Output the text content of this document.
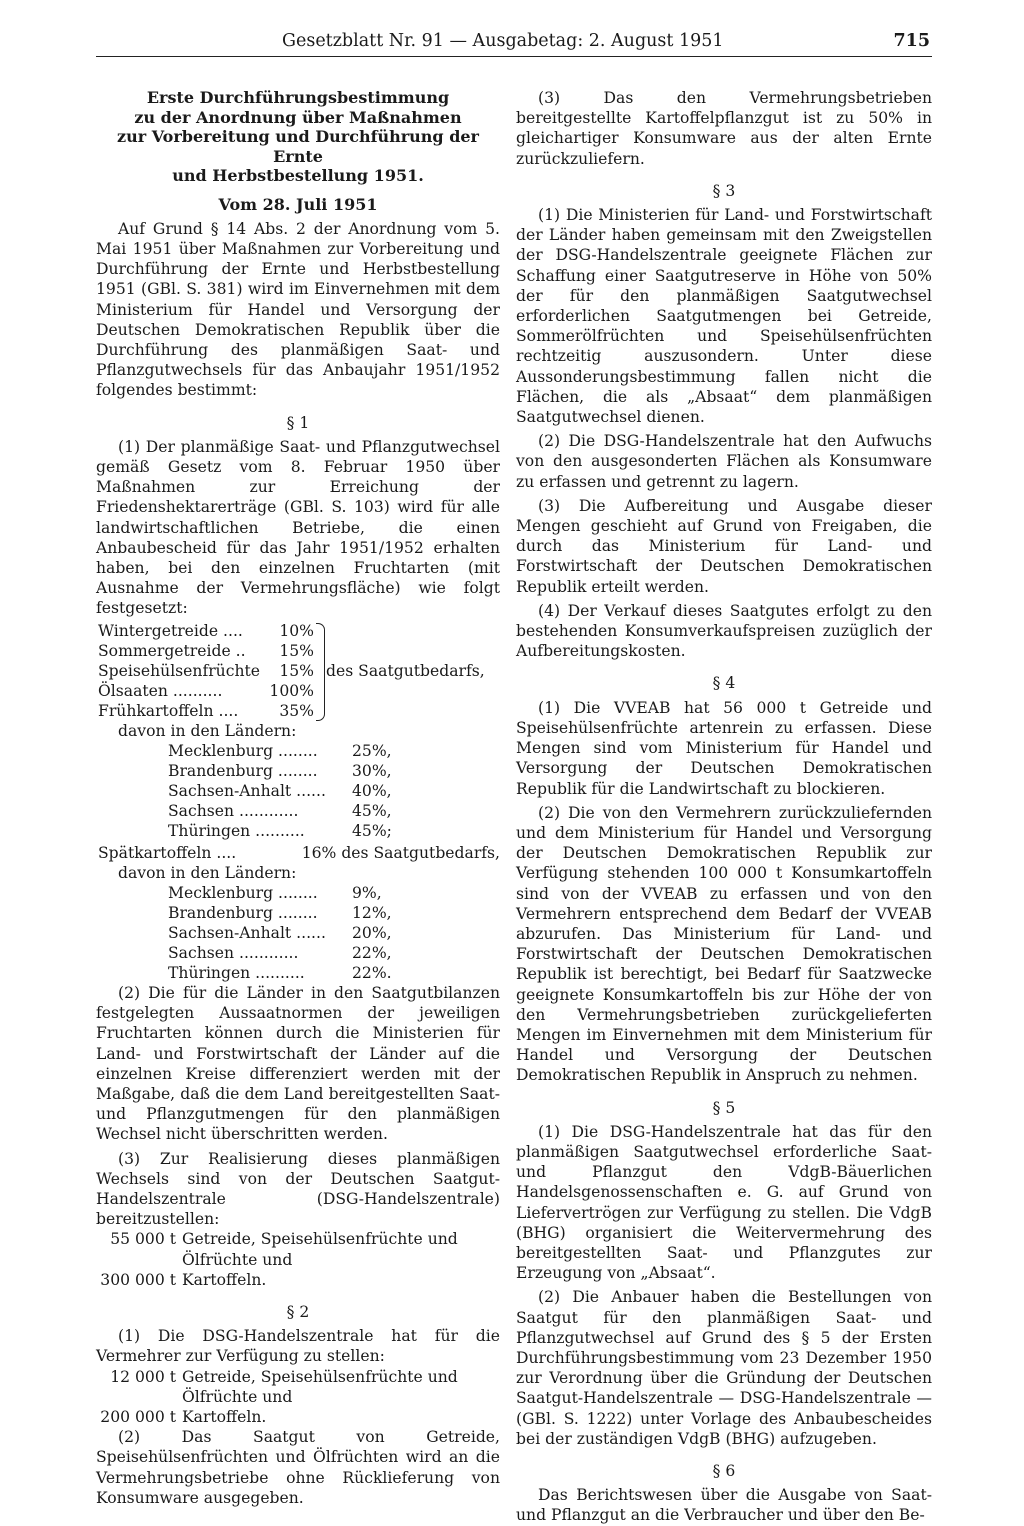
Gesetzblatt Nr. 91 — Ausgabetag: 2. August 1951	715
Erste Durchführungsbestimmung
zu der Anordnung über Maßnahmen
zur Vorbereitung und Durchführung der Ernte
und Herbstbestellung 1951.
Vom 28. Juli 1951

Auf Grund § 14 Abs. 2 der Anordnung vom 5. Mai 1951 über Maßnahmen zur Vorbereitung und Durchführung der Ernte und Herbstbestellung 1951 (GBl. S. 381) wird im Einvernehmen mit dem Ministerium für Handel und Versorgung der Deutschen Demokratischen Republik über die Durchführung des planmäßigen Saat- und Pflanzgutwechsels für das Anbaujahr 1951/1952 folgendes bestimmt:

§ 1

(1) Der planmäßige Saat- und Pflanzgutwechsel gemäß Gesetz vom 8. Februar 1950 über Maßnahmen zur Erreichung der Friedenshektarerträge (GBl. S. 103) wird für alle landwirtschaftlichen Betriebe, die einen Anbaubescheid für das Jahr 1951/1952 erhalten haben, bei den einzelnen Fruchtarten (mit Ausnahme der Vermehrungsfläche) wie folgt festgesetzt:

Wintergetreide ....	10%
Sommergetreide ..	15%
Speisehülsenfrüchte	15%
Ölsaaten ..........	100%
Frühkartoffeln ....	35%
des Saatgutbedarfs,
davon in den Ländern:
Mecklenburg ........ 25%,
Brandenburg ........ 30%,
Sachsen-Anhalt ...... 40%,
Sachsen ............	45%,
Thüringen ..........	45%;
Spätkartoffeln ....	16% des Saatgutbedarfs,
davon in den Ländern:
Mecklenburg ........ 9%,
Brandenburg ........ 12%,
Sachsen-Anhalt ...... 20%,
Sachsen ............	22%,
Thüringen ..........	22%.

(2) Die für die Länder in den Saatgutbilanzen festgelegten Aussaatnormen der jeweiligen Fruchtarten können durch die Ministerien für Land- und Forstwirtschaft der Länder auf die einzelnen Kreise differenziert werden mit der Maßgabe, daß die dem Land bereitgestellten Saat- und Pflanzgutmengen für den planmäßigen Wechsel nicht überschritten werden.

(3) Zur Realisierung dieses planmäßigen Wechsels sind von der Deutschen Saatgut-Handelszentrale (DSG-Handelszentrale) bereitzustellen:

55 000 t Getreide, Speisehülsenfrüchte und Ölfrüchte und
300 000 t Kartoffeln.
§ 2

(1) Die DSG-Handelszentrale hat für die Vermehrer zur Verfügung zu stellen:

12 000 t Getreide, Speisehülsenfrüchte und Ölfrüchte und
200 000 t Kartoffeln.

(2) Das Saatgut von Getreide, Speisehülsenfrüchten und Ölfrüchten wird an die Vermehrungsbetriebe ohne Rücklieferung von Konsumware ausgegeben.

(3) Das den Vermehrungsbetrieben bereitgestellte Kartoffelpflanzgut ist zu 50% in gleichartiger Konsumware aus der alten Ernte zurückzuliefern.

§ 3

(1) Die Ministerien für Land- und Forstwirtschaft der Länder haben gemeinsam mit den Zweigstellen der DSG-Handelszentrale geeignete Flächen zur Schaffung einer Saatgutreserve in Höhe von 50% der für den planmäßigen Saatgutwechsel erforderlichen Saatgutmengen bei Getreide, Sommerölfrüchten und Speisehülsenfrüchten rechtzeitig auszusondern. Unter diese Aussonderungsbestimmung fallen nicht die Flächen, die als „Absaat“ dem planmäßigen Saatgutwechsel dienen.

(2) Die DSG-Handelszentrale hat den Aufwuchs von den ausgesonderten Flächen als Konsumware zu erfassen und getrennt zu lagern.

(3) Die Aufbereitung und Ausgabe dieser Mengen geschieht auf Grund von Freigaben, die durch das Ministerium für Land- und Forstwirtschaft der Deutschen Demokratischen Republik erteilt werden.

(4) Der Verkauf dieses Saatgutes erfolgt zu den bestehenden Konsumverkaufspreisen zuzüglich der Aufbereitungskosten.

§ 4

(1) Die VVEAB hat 56 000 t Getreide und Speisehülsenfrüchte artenrein zu erfassen. Diese Mengen sind vom Ministerium für Handel und Versorgung der Deutschen Demokratischen Republik für die Landwirtschaft zu blockieren.

(2) Die von den Vermehrern zurückzuliefernden und dem Ministerium für Handel und Versorgung der Deutschen Demokratischen Republik zur Verfügung stehenden 100 000 t Konsumkartoffeln sind von der VVEAB zu erfassen und von den Vermehrern entsprechend dem Bedarf der VVEAB abzurufen. Das Ministerium für Land- und Forstwirtschaft der Deutschen Demokratischen Republik ist berechtigt, bei Bedarf für Saatzwecke geeignete Konsumkartoffeln bis zur Höhe der von den Vermehrungsbetrieben zurückgelieferten Mengen im Einvernehmen mit dem Ministerium für Handel und Versorgung der Deutschen Demokratischen Republik in Anspruch zu nehmen.

§ 5

(1) Die DSG-Handelszentrale hat das für den planmäßigen Saatgutwechsel erforderliche Saat- und Pflanzgut den VdgB-Bäuerlichen Handelsgenossenschaften e. G. auf Grund von Liefervertrögen zur Verfügung zu stellen. Die VdgB (BHG) organisiert die Weitervermehrung des bereitgestellten Saat- und Pflanzgutes zur Erzeugung von „Absaat“.

(2) Die Anbauer haben die Bestellungen von Saatgut für den planmäßigen Saat- und Pflanzgutwechsel auf Grund des § 5 der Ersten Durchführungsbestimmung vom 23 Dezember 1950 zur Verordnung über die Gründung der Deutschen Saatgut-Handelszentrale — DSG-Handelszentrale — (GBl. S. 1222) unter Vorlage des Anbaubescheides bei der zuständigen VdgB (BHG) aufzugeben.

§ 6

Das Berichtswesen über die Ausgabe von Saat- und Pflanzgut an die Verbraucher und über den Be-
